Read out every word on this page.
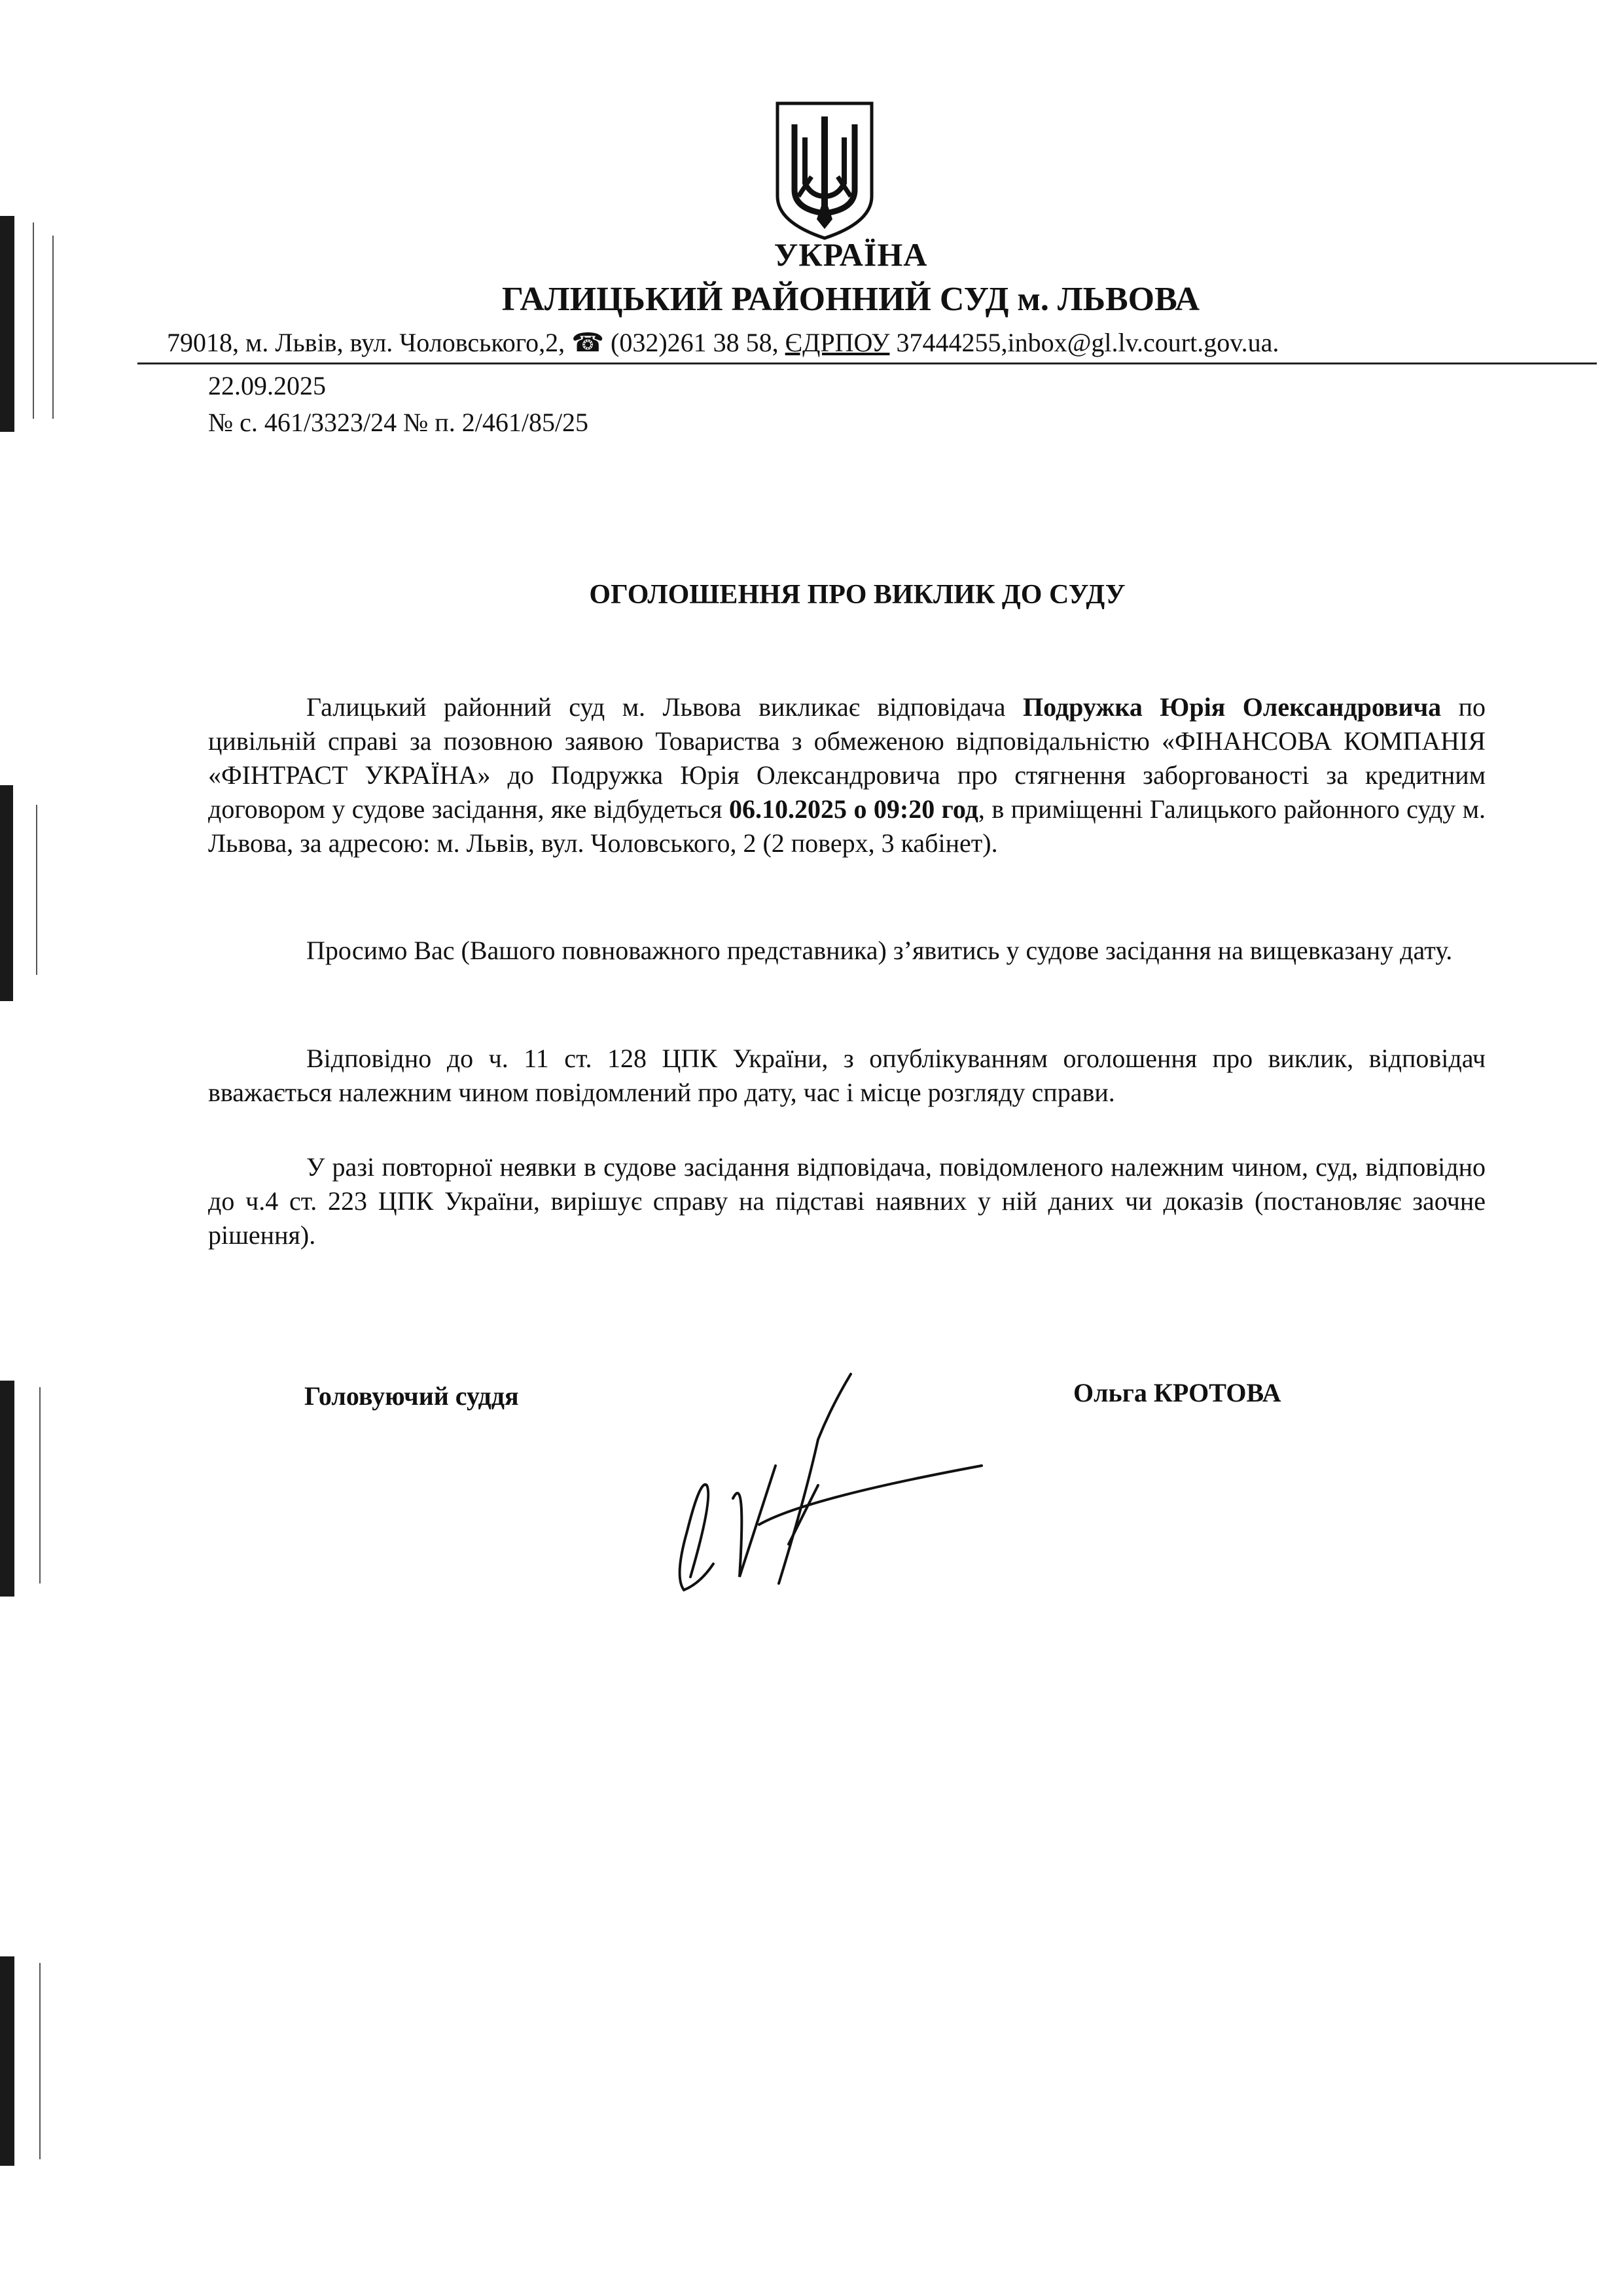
УКРАЇНА
ГАЛИЦЬКИЙ РАЙОННИЙ СУД м. ЛЬВОВА
79018, м. Львів, вул. Чоловського,2, ☎ (032)261 38 58, ЄДРПОУ 37444255,inbox@gl.lv.court.gov.ua.
22.09.2025
№ с. 461/3323/24 № п. 2/461/85/25
ОГОЛОШЕННЯ ПРО ВИКЛИК ДО СУДУ

Галицький районний суд м. Львова викликає відповідача Подружка Юрія Олександровича по цивільній справі за позовною заявою Товариства з обмеженою відповідальністю «ФІНАНСОВА КОМПАНІЯ «ФІНТРАСТ УКРАЇНА» до Подружка Юрія Олександровича про стягнення заборгованості за кредитним договором у судове засідання, яке відбудеться 06.10.2025 о 09:20 год, в приміщенні Галицького районного суду м. Львова, за адресою: м. Львів, вул. Чоловського, 2 (2 поверх, 3 кабінет).

Просимо Вас (Вашого повноважного представника) з’явитись у судове засідання на вищевказану дату.

Відповідно до ч. 11 ст. 128 ЦПК України, з опублікуванням оголошення про виклик, відповідач вважається належним чином повідомлений про дату, час і місце розгляду справи.

У разі повторної неявки в судове засідання відповідача, повідомленого належним чином, суд, відповідно до ч.4 ст. 223 ЦПК України, вирішує справу на підставі наявних у ній даних чи доказів (постановляє заочне рішення).

Головуючий суддя	Ольга КРОТОВА
